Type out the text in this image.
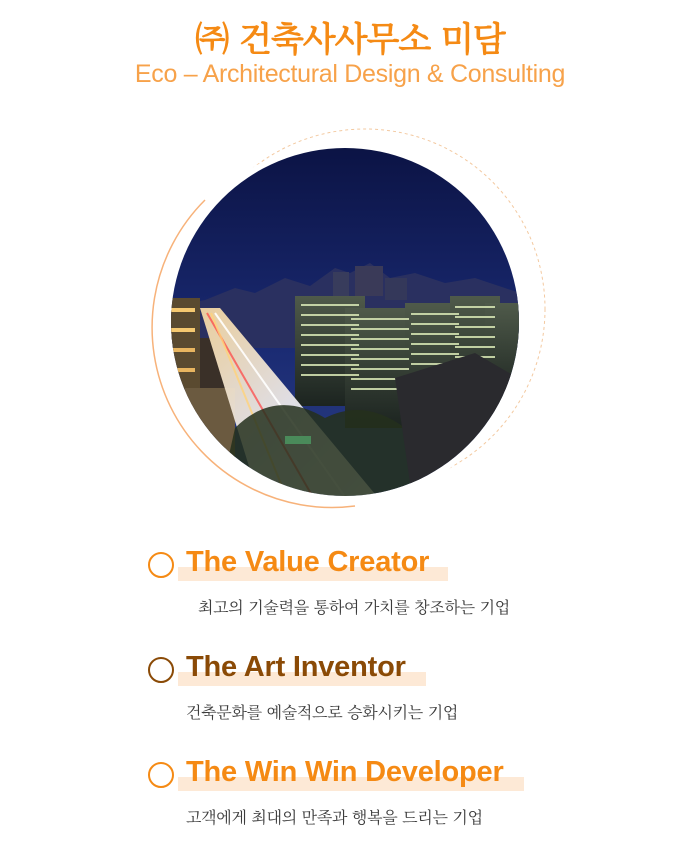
㈜ 건축사사무소 미담
Eco – Architectural Design & Consulting
The Value Creator
최고의 기술력을 통하여 가치를 창조하는 기업
The Art Inventor
건축문화를 예술적으로 승화시키는 기업
The Win Win Developer
고객에게 최대의 만족과 행복을 드리는 기업
